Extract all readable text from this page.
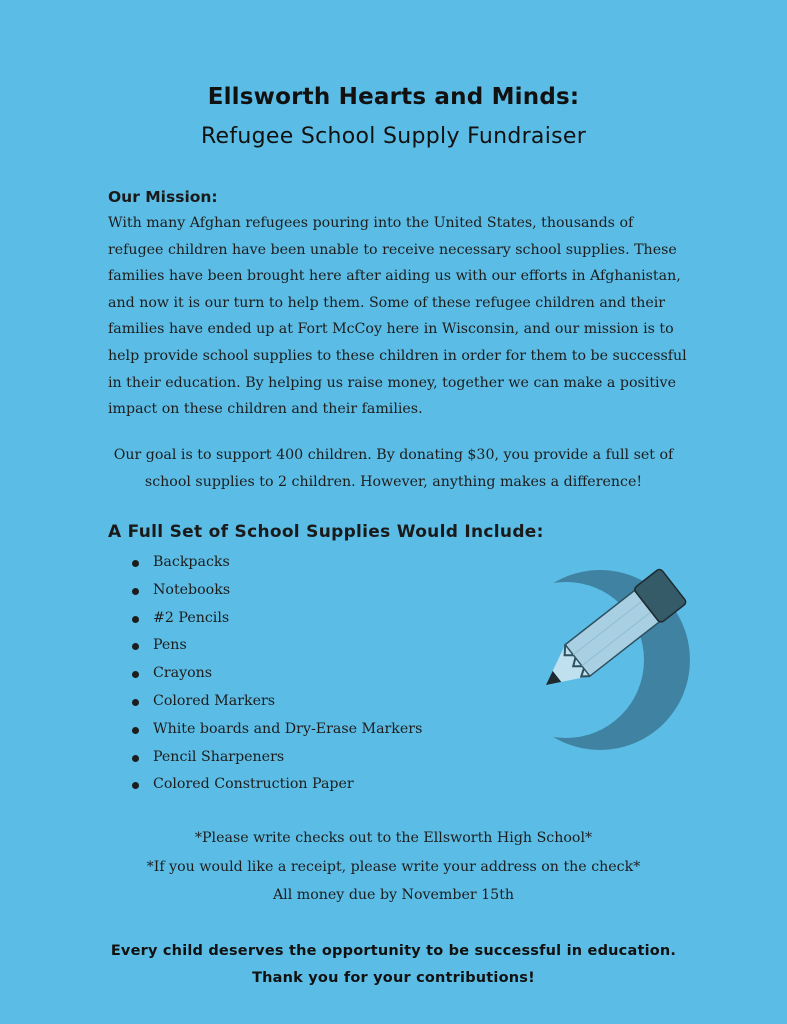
Ellsworth Hearts and Minds:
Refugee School Supply Fundraiser
Our Mission:
With many Afghan refugees pouring into the United States, thousands of refugee children have been unable to receive necessary school supplies. These families have been brought here after aiding us with our efforts in Afghanistan, and now it is our turn to help them. Some of these refugee children and their families have ended up at Fort McCoy here in Wisconsin, and our mission is to help provide school supplies to these children in order for them to be successful in their education. By helping us raise money, together we can make a positive impact on these children and their families.
Our goal is to support 400 children. By donating $30, you provide a full set of school supplies to 2 children. However, anything makes a difference!
A Full Set of School Supplies Would Include:
Backpacks
Notebooks
#2 Pencils
Pens
Crayons
Colored Markers
White boards and Dry-Erase Markers
Pencil Sharpeners
Colored Construction Paper
*Please write checks out to the Ellsworth High School*
*If you would like a receipt, please write your address on the check*
All money due by November 15th
Every child deserves the opportunity to be successful in education.
Thank you for your contributions!
